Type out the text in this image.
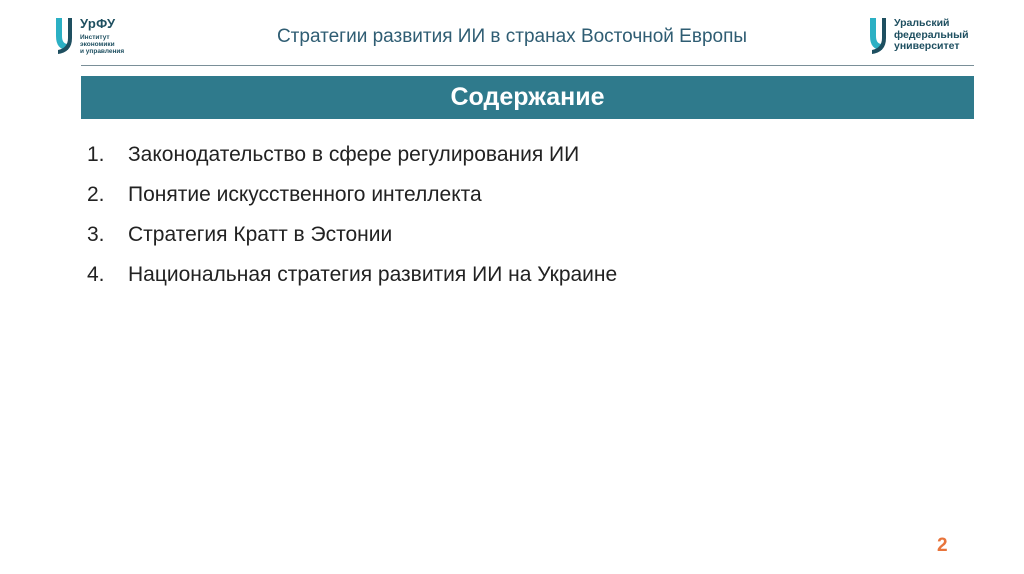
УрФУ
Институт
экономики
и управления
Стратегии развития ИИ в странах Восточной Европы
Уральский
федеральный
университет
Содержание
1.	Законодательство в сфере регулирования ИИ
2.	Понятие искусственного интеллекта
3.	Стратегия Кратт в Эстонии
4.	Национальная стратегия развития ИИ на Украине
2
